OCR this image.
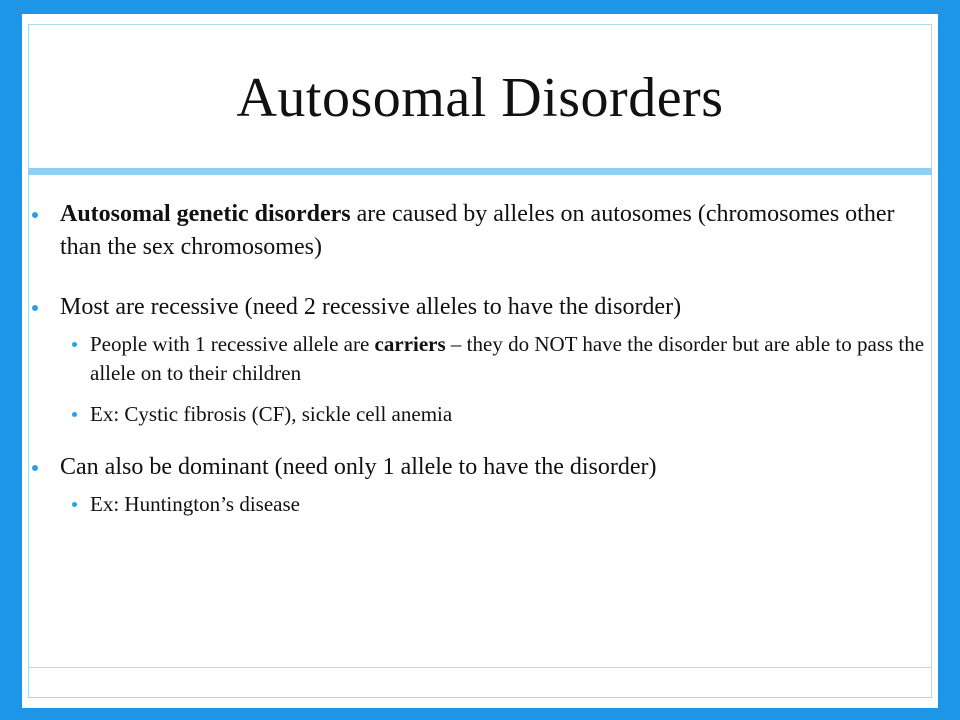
Autosomal Disorders
Autosomal genetic disorders are caused by alleles on autosomes (chromosomes other than the sex chromosomes)
Most are recessive (need 2 recessive alleles to have the disorder)
People with 1 recessive allele are carriers – they do NOT have the disorder but are able to pass the allele on to their children
Ex: Cystic fibrosis (CF), sickle cell anemia
Can also be dominant (need only 1 allele to have the disorder)
Ex: Huntington’s disease
